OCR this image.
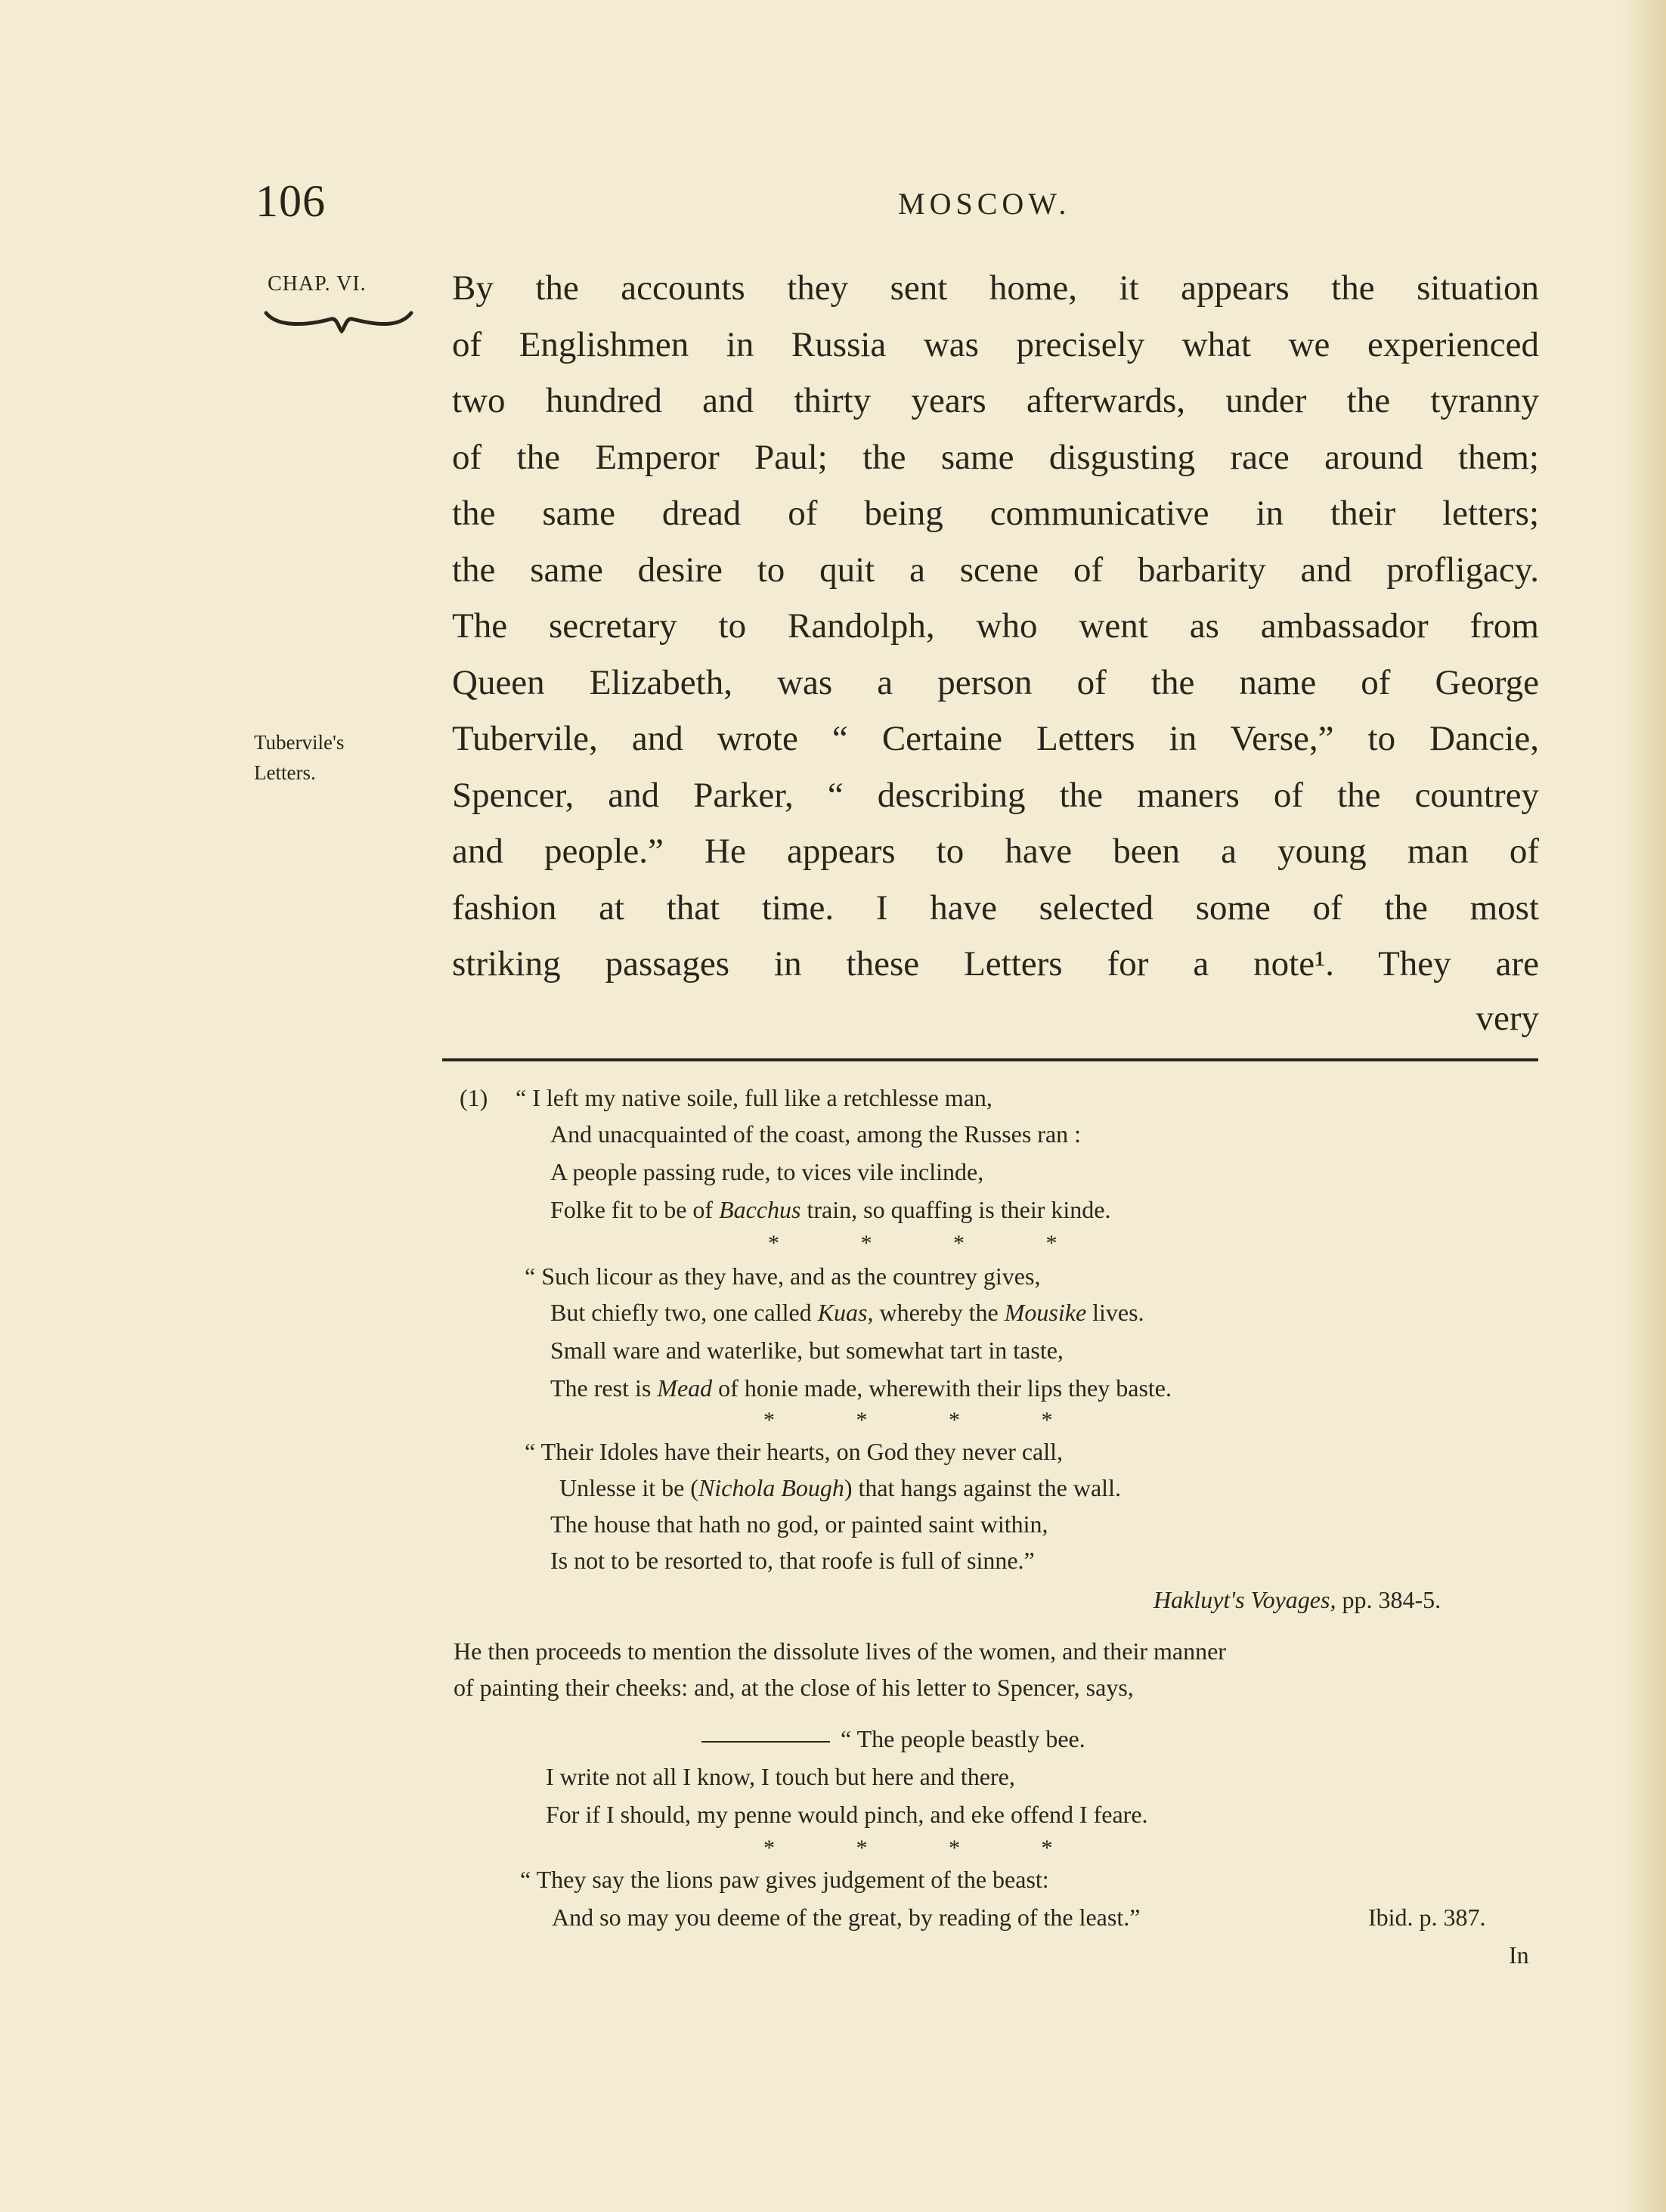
106	MOSCOW.
CHAP. VI.
Tubervile's
Letters.
By the accounts they sent home, it appears the situation
of Englishmen in Russia was precisely what we experienced
two hundred and thirty years afterwards, under the tyranny
of the Emperor Paul; the same disgusting race around them;
the same dread of being communicative in their letters;
the same desire to quit a scene of barbarity and profligacy.
The secretary to Randolph, who went as ambassador from
Queen Elizabeth, was a person of the name of George
Tubervile, and wrote “ Certaine Letters in Verse,” to Dancie,
Spencer, and Parker, “ describing the maners of the countrey
and people.” He appears to have been a young man of
fashion at that time. I have selected some of the most
striking passages in these Letters for a note¹. They are
very
(1) “ I left my native soile, full like a retchlesse man,
And unacquainted of the coast, among the Russes ran :
A people passing rude, to vices vile inclinde,
Folke fit to be of Bacchus train, so quaffing is their kinde.
* * * *
“ Such licour as they have, and as the countrey gives,
But chiefly two, one called Kuas, whereby the Mousike lives.
Small ware and waterlike, but somewhat tart in taste,
The rest is Mead of honie made, wherewith their lips they baste.
* * * *
“ Their Idoles have their hearts, on God they never call,
Unlesse it be (Nichola Bough) that hangs against the wall.
The house that hath no god, or painted saint within,
Is not to be resorted to, that roofe is full of sinne.”
Hakluyt's Voyages, pp. 384-5.
He then proceeds to mention the dissolute lives of the women, and their manner
of painting their cheeks: and, at the close of his letter to Spencer, says,
“ The people beastly bee.
I write not all I know, I touch but here and there,
For if I should, my penne would pinch, and eke offend I feare.
* * * *
“ They say the lions paw gives judgement of the beast:
And so may you deeme of the great, by reading of the least.”	Ibid. p. 387.
In
